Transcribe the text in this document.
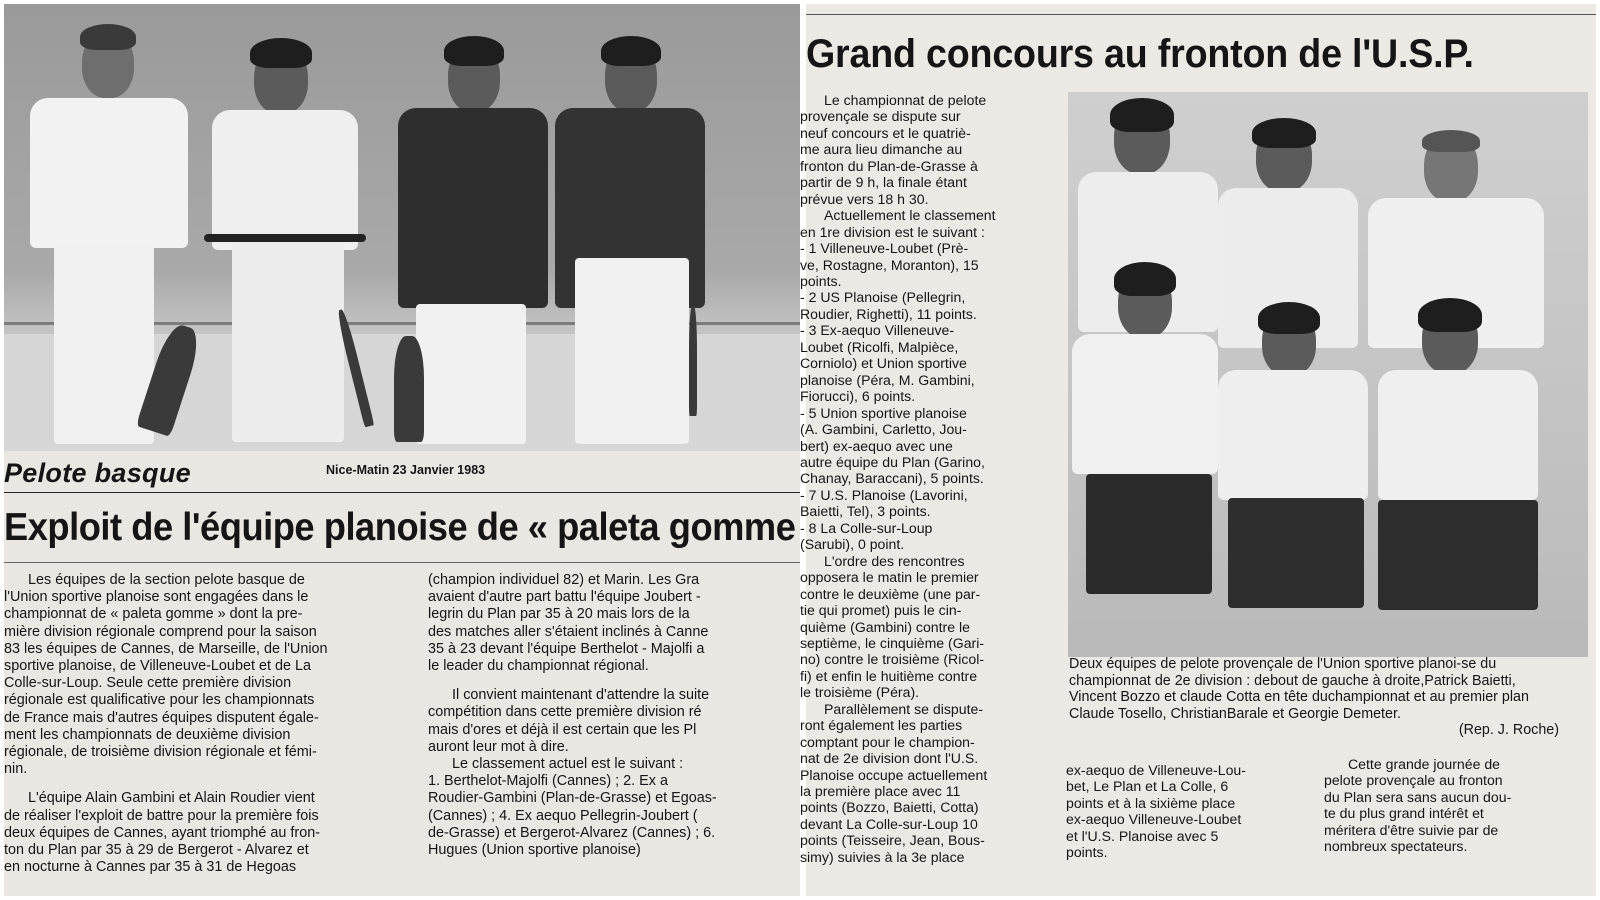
Pelote basque	Nice-Matin 23 Janvier 1983
Exploit de l'équipe planoise de « paleta gomme
Les équipes de la section pelote basque de
l'Union sportive planoise sont engagées dans le
championnat de « paleta gomme » dont la pre-
mière division régionale comprend pour la saison
83 les équipes de Cannes, de Marseille, de l'Union
sportive planoise, de Villeneuve-Loubet et de La
Colle-sur-Loup. Seule cette première division
régionale est qualificative pour les championnats
de France mais d'autres équipes disputent égale-
ment les championnats de deuxième division
régionale, de troisième division régionale et fémi-
nin.
L'équipe Alain Gambini et Alain Roudier vient
de réaliser l'exploit de battre pour la première fois
deux équipes de Cannes, ayant triomphé au fron-
ton du Plan par 35 à 29 de Bergerot - Alvarez et
en nocturne à Cannes par 35 à 31 de Hegoas
(champion individuel 82) et Marin. Les Gra
avaient d'autre part battu l'équipe Joubert -
legrin du Plan par 35 à 20 mais lors de la
des matches aller s'étaient inclinés à Canne
35 à 23 devant l'équipe Berthelot - Majolfi a
le leader du championnat régional.
Il convient maintenant d'attendre la suite
compétition dans cette première division ré
mais d'ores et déjà il est certain que les Pl
auront leur mot à dire.
Le classement actuel est le suivant :
1. Berthelot-Majolfi (Cannes) ; 2. Ex a
Roudier-Gambini (Plan-de-Grasse) et Egoas-
(Cannes) ; 4. Ex aequo Pellegrin-Joubert (
de-Grasse) et Bergerot-Alvarez (Cannes) ; 6.
Hugues (Union sportive planoise)
Grand concours au fronton de l'U.S.P.
Le championnat de pelote
provençale se dispute sur
neuf concours et le quatriè-
me aura lieu dimanche au
fronton du Plan-de-Grasse à
partir de 9 h, la finale étant
prévue vers 18 h 30.
Actuellement le classement
en 1re division est le suivant :
- 1 Villeneuve-Loubet (Prè-
ve, Rostagne, Moranton), 15
points.
- 2 US Planoise (Pellegrin,
Roudier, Righetti), 11 points.
- 3 Ex-aequo Villeneuve-
Loubet (Ricolfi, Malpièce,
Corniolo) et Union sportive
planoise (Péra, M. Gambini,
Fiorucci), 6 points.
- 5 Union sportive planoise
(A. Gambini, Carletto, Jou-
bert) ex-aequo avec une
autre équipe du Plan (Garino,
Chanay, Baraccani), 5 points.
- 7 U.S. Planoise (Lavorini,
Baietti, Tel), 3 points.
- 8 La Colle-sur-Loup
(Sarubi), 0 point.
L'ordre des rencontres
opposera le matin le premier
contre le deuxième (une par-
tie qui promet) puis le cin-
quième (Gambini) contre le
septième, le cinquième (Gari-
no) contre le troisième (Ricol-
fi) et enfin le huitième contre
le troisième (Péra).
Parallèlement se dispute-
ront également les parties
comptant pour le champion-
nat de 2e division dont l'U.S.
Planoise occupe actuellement
la première place avec 11
points (Bozzo, Baietti, Cotta)
devant La Colle-sur-Loup 10
points (Teisseire, Jean, Bous-
simy) suivies à la 3e place
Deux équipes de pelote provençale de l'Union sportive planoi-se du championnat de 2e division : debout de gauche à droite,Patrick Baietti, Vincent Bozzo et claude Cotta en tête duchampionnat et au premier plan Claude Tosello, ChristianBarale et Georgie Demeter.
(Rep. J. Roche)
ex-aequo de Villeneuve-Lou-
bet, Le Plan et La Colle, 6
points et à la sixième place
ex-aequo Villeneuve-Loubet
et l'U.S. Planoise avec 5
points.
Cette grande journée de
pelote provençale au fronton
du Plan sera sans aucun dou-
te du plus grand intérêt et
méritera d'être suivie par de
nombreux spectateurs.
